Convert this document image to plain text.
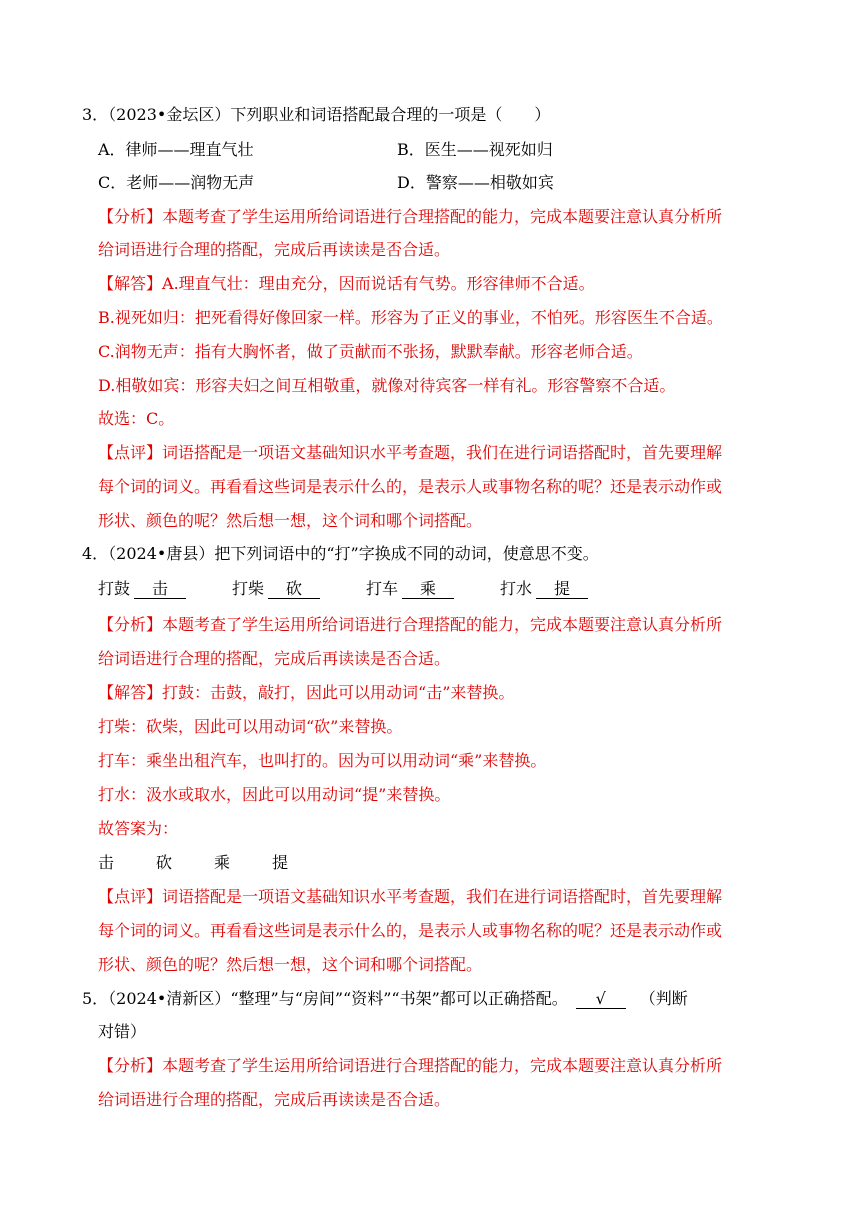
3．（2023•金坛区）下列职业和词语搭配最合理的一项是（　　）
A．律师——理直气壮	B．医生——视死如归
C．老师——润物无声	D．警察——相敬如宾
【分析】本题考查了学生运用所给词语进行合理搭配的能力，完成本题要注意认真分析所
给词语进行合理的搭配，完成后再读读是否合适。
【解答】A.理直气壮：理由充分，因而说话有气势。形容律师不合适。
B.视死如归：把死看得好像回家一样。形容为了正义的事业，不怕死。形容医生不合适。
C.润物无声：指有大胸怀者，做了贡献而不张扬，默默奉献。形容老师合适。
D.相敬如宾：形容夫妇之间互相敬重，就像对待宾客一样有礼。形容警察不合适。
故选：C。
【点评】词语搭配是一项语文基础知识水平考查题，我们在进行词语搭配时，首先要理解
每个词的词义。再看看这些词是表示什么的，是表示人或事物名称的呢？还是表示动作或
形状、颜色的呢？然后想一想，这个词和哪个词搭配。
4．（2024•唐县）把下列词语中的“打”字换成不同的动词，使意思不变。
打鼓 击	打柴 砍	打车 乘	打水 提
【分析】本题考查了学生运用所给词语进行合理搭配的能力，完成本题要注意认真分析所
给词语进行合理的搭配，完成后再读读是否合适。
【解答】打鼓：击鼓，敲打，因此可以用动词“击”来替换。
打柴：砍柴，因此可以用动词“砍”来替换。
打车：乘坐出租汽车，也叫打的。因为可以用动词“乘”来替换。
打水：汲水或取水，因此可以用动词“提”来替换。
故答案为：
击	砍	乘	提
【点评】词语搭配是一项语文基础知识水平考查题，我们在进行词语搭配时，首先要理解
每个词的词义。再看看这些词是表示什么的，是表示人或事物名称的呢？还是表示动作或
形状、颜色的呢？然后想一想，这个词和哪个词搭配。
5．（2024•清新区）“整理”与“房间”“资料”“书架”都可以正确搭配。 √ （判断
对错）
【分析】本题考查了学生运用所给词语进行合理搭配的能力，完成本题要注意认真分析所
给词语进行合理的搭配，完成后再读读是否合适。
